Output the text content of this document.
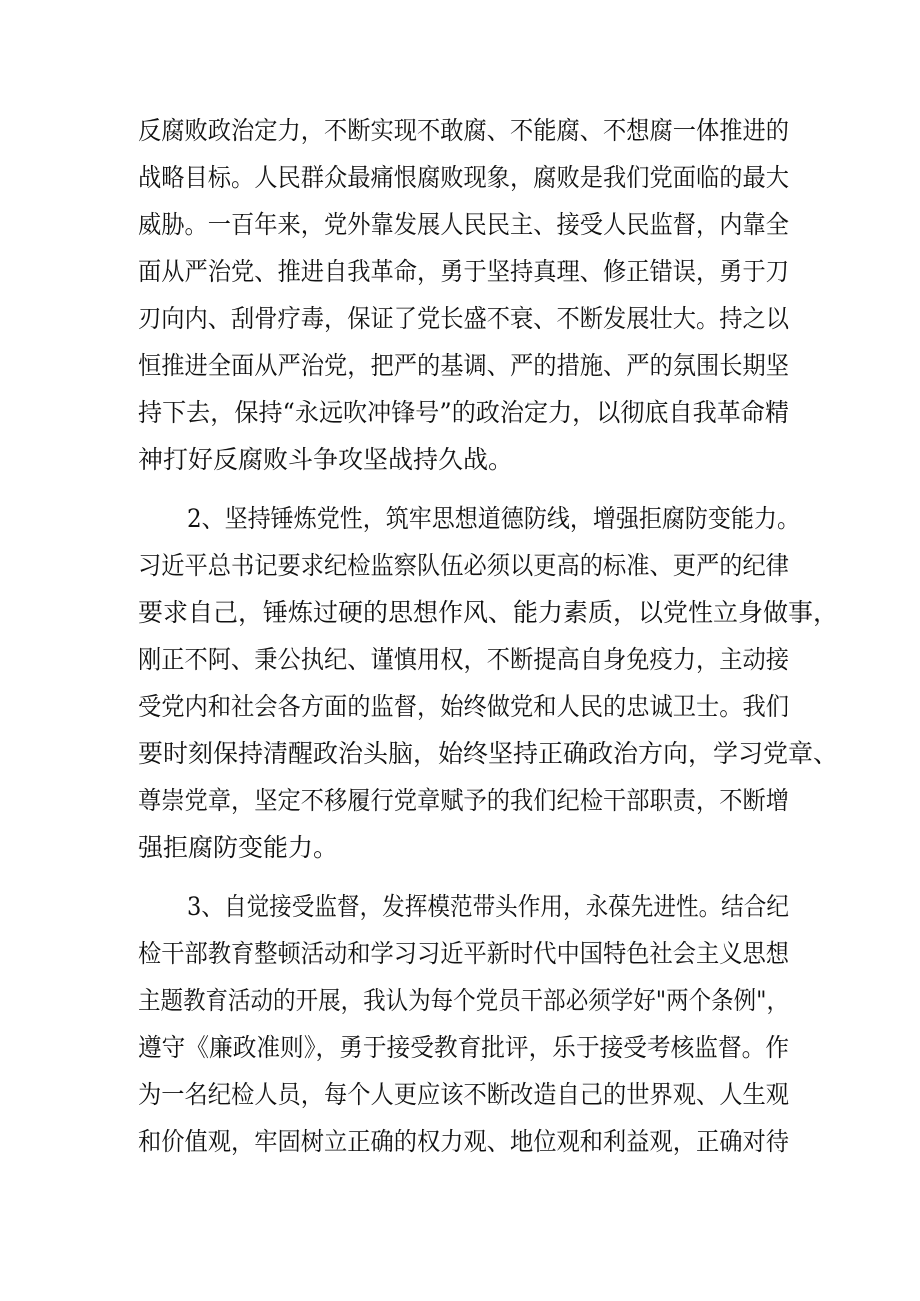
反腐败政治定力，不断实现不敢腐、不能腐、不想腐一体推进的
战略目标。人民群众最痛恨腐败现象，腐败是我们党面临的最大
威胁。一百年来，党外靠发展人民民主、接受人民监督，内靠全
面从严治党、推进自我革命，勇于坚持真理、修正错误，勇于刀
刃向内、刮骨疗毒，保证了党长盛不衰、不断发展壮大。持之以
恒推进全面从严治党，把严的基调、严的措施、严的氛围长期坚
持下去，保持“永远吹冲锋号”的政治定力，以彻底自我革命精
神打好反腐败斗争攻坚战持久战。
2、坚持锤炼党性，筑牢思想道德防线，增强拒腐防变能力。
习近平总书记要求纪检监察队伍必须以更高的标准、更严的纪律
要求自己，锤炼过硬的思想作风、能力素质，以党性立身做事，
刚正不阿、秉公执纪、谨慎用权，不断提高自身免疫力，主动接
受党内和社会各方面的监督，始终做党和人民的忠诚卫士。我们
要时刻保持清醒政治头脑，始终坚持正确政治方向，学习党章、
尊崇党章，坚定不移履行党章赋予的我们纪检干部职责，不断增
强拒腐防变能力。
3、自觉接受监督，发挥模范带头作用，永葆先进性。结合纪
检干部教育整顿活动和学习习近平新时代中国特色社会主义思想
主题教育活动的开展，我认为每个党员干部必须学好"两个条例"，
遵守《廉政准则》，勇于接受教育批评，乐于接受考核监督。作
为一名纪检人员，每个人更应该不断改造自己的世界观、人生观
和价值观，牢固树立正确的权力观、地位观和利益观，正确对待
